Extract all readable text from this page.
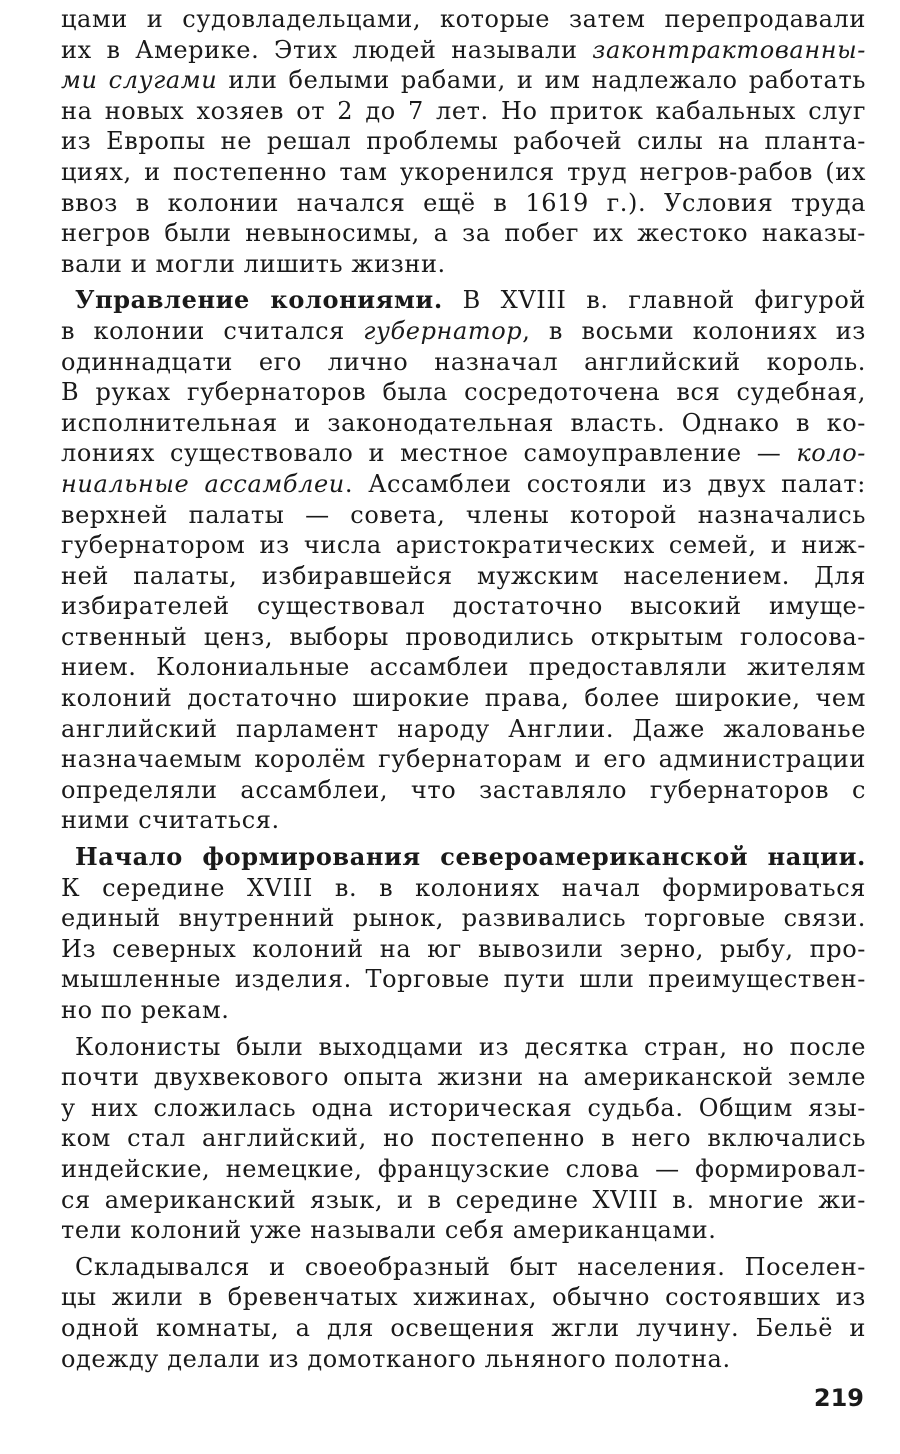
цами и судовладельцами, которые затем перепродавали
их в Америке. Этих людей называли законтрактованны-
ми слугами или белыми рабами, и им надлежало работать
на новых хозяев от 2 до 7 лет. Но приток кабальных слуг
из Европы не решал проблемы рабочей силы на планта-
циях, и постепенно там укоренился труд негров-рабов (их
ввоз в колонии начался ещё в 1619 г.). Условия труда
негров были невыносимы, а за побег их жестоко наказы-
вали и могли лишить жизни.
Управление колониями. В XVIII в. главной фигурой
в колонии считался губернатор, в восьми колониях из
одиннадцати его лично назначал английский король.
В руках губернаторов была сосредоточена вся судебная,
исполнительная и законодательная власть. Однако в ко-
лониях существовало и местное самоуправление — коло-
ниальные ассамблеи. Ассамблеи состояли из двух палат:
верхней палаты — совета, члены которой назначались
губернатором из числа аристократических семей, и ниж-
ней палаты, избиравшейся мужским населением. Для
избирателей существовал достаточно высокий имуще-
ственный ценз, выборы проводились открытым голосова-
нием. Колониальные ассамблеи предоставляли жителям
колоний достаточно широкие права, более широкие, чем
английский парламент народу Англии. Даже жалованье
назначаемым королём губернаторам и его администрации
определяли ассамблеи, что заставляло губернаторов с
ними считаться.
Начало формирования североамериканской нации.
К середине XVIII в. в колониях начал формироваться
единый внутренний рынок, развивались торговые связи.
Из северных колоний на юг вывозили зерно, рыбу, про-
мышленные изделия. Торговые пути шли преимуществен-
но по рекам.
Колонисты были выходцами из десятка стран, но после
почти двухвекового опыта жизни на американской земле
у них сложилась одна историческая судьба. Общим язы-
ком стал английский, но постепенно в него включались
индейские, немецкие, французские слова — формировал-
ся американский язык, и в середине XVIII в. многие жи-
тели колоний уже называли себя американцами.
Складывался и своеобразный быт населения. Поселен-
цы жили в бревенчатых хижинах, обычно состоявших из
одной комнаты, а для освещения жгли лучину. Бельё и
одежду делали из домотканого льняного полотна.
219
